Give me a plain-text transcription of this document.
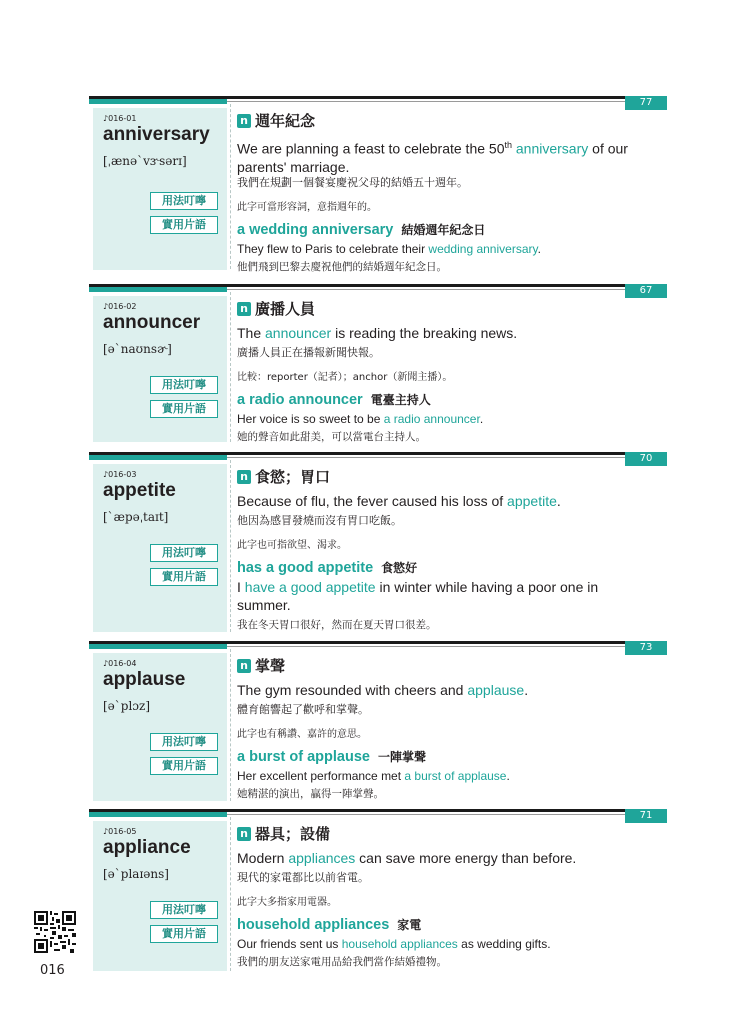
77
♪016-01
anniversary
[ˌænəˋvɝsərɪ]
用法叮嚀
實用片語
n 週年紀念
We are planning a feast to celebrate the 50th anniversary of our
parents' marriage.
我們在規劃一個餐宴慶祝父母的結婚五十週年。
此字可當形容詞，意指週年的。
a wedding anniversary 結婚週年紀念日
They flew to Paris to celebrate their wedding anniversary.
他們飛到巴黎去慶祝他們的結婚週年紀念日。
67
♪016-02
announcer
[əˋnaʊnsɚ]
用法叮嚀
實用片語
n 廣播人員
The announcer is reading the breaking news.
廣播人員正在播報新聞快報。
比較：reporter（記者）；anchor（新聞主播）。
a radio announcer 電臺主持人
Her voice is so sweet to be a radio announcer.
她的聲音如此甜美，可以當電台主持人。
70
♪016-03
appetite
[ˋæpəˌtaɪt]
用法叮嚀
實用片語
n 食慾；胃口
Because of flu, the fever caused his loss of appetite.
他因為感冒發燒而沒有胃口吃飯。
此字也可指欲望、渴求。
has a good appetite 食慾好
I have a good appetite in winter while having a poor one in
summer.
我在冬天胃口很好，然而在夏天胃口很差。
73
♪016-04
applause
[əˋplɔz]
用法叮嚀
實用片語
n 掌聲
The gym resounded with cheers and applause.
體育館響起了歡呼和掌聲。
此字也有稱讚、嘉許的意思。
a burst of applause 一陣掌聲
Her excellent performance met a burst of applause.
她精湛的演出，贏得一陣掌聲。
71
♪016-05
appliance
[əˋplaɪəns]
用法叮嚀
實用片語
n 器具；設備
Modern appliances can save more energy than before.
現代的家電都比以前省電。
此字大多指家用電器。
household appliances 家電
Our friends sent us household appliances as wedding gifts.
我們的朋友送家電用品給我們當作結婚禮物。
016
